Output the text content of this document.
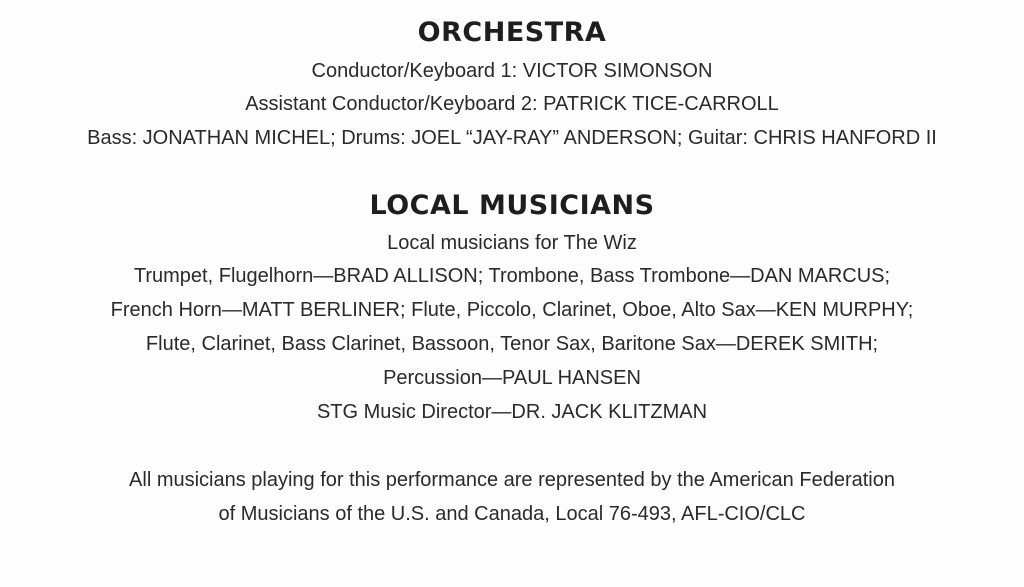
ORCHESTRA
Conductor/Keyboard 1: VICTOR SIMONSON
Assistant Conductor/Keyboard 2: PATRICK TICE-CARROLL
Bass: JONATHAN MICHEL; Drums: JOEL “JAY-RAY” ANDERSON; Guitar: CHRIS HANFORD II
LOCAL MUSICIANS
Local musicians for The Wiz
Trumpet, Flugelhorn—BRAD ALLISON; Trombone, Bass Trombone—DAN MARCUS;
French Horn—MATT BERLINER; Flute, Piccolo, Clarinet, Oboe, Alto Sax—KEN MURPHY;
Flute, Clarinet, Bass Clarinet, Bassoon, Tenor Sax, Baritone Sax—DEREK SMITH;
Percussion—PAUL HANSEN
STG Music Director—DR. JACK KLITZMAN
All musicians playing for this performance are represented by the American Federation
of Musicians of the U.S. and Canada, Local 76-493, AFL-CIO/CLC
